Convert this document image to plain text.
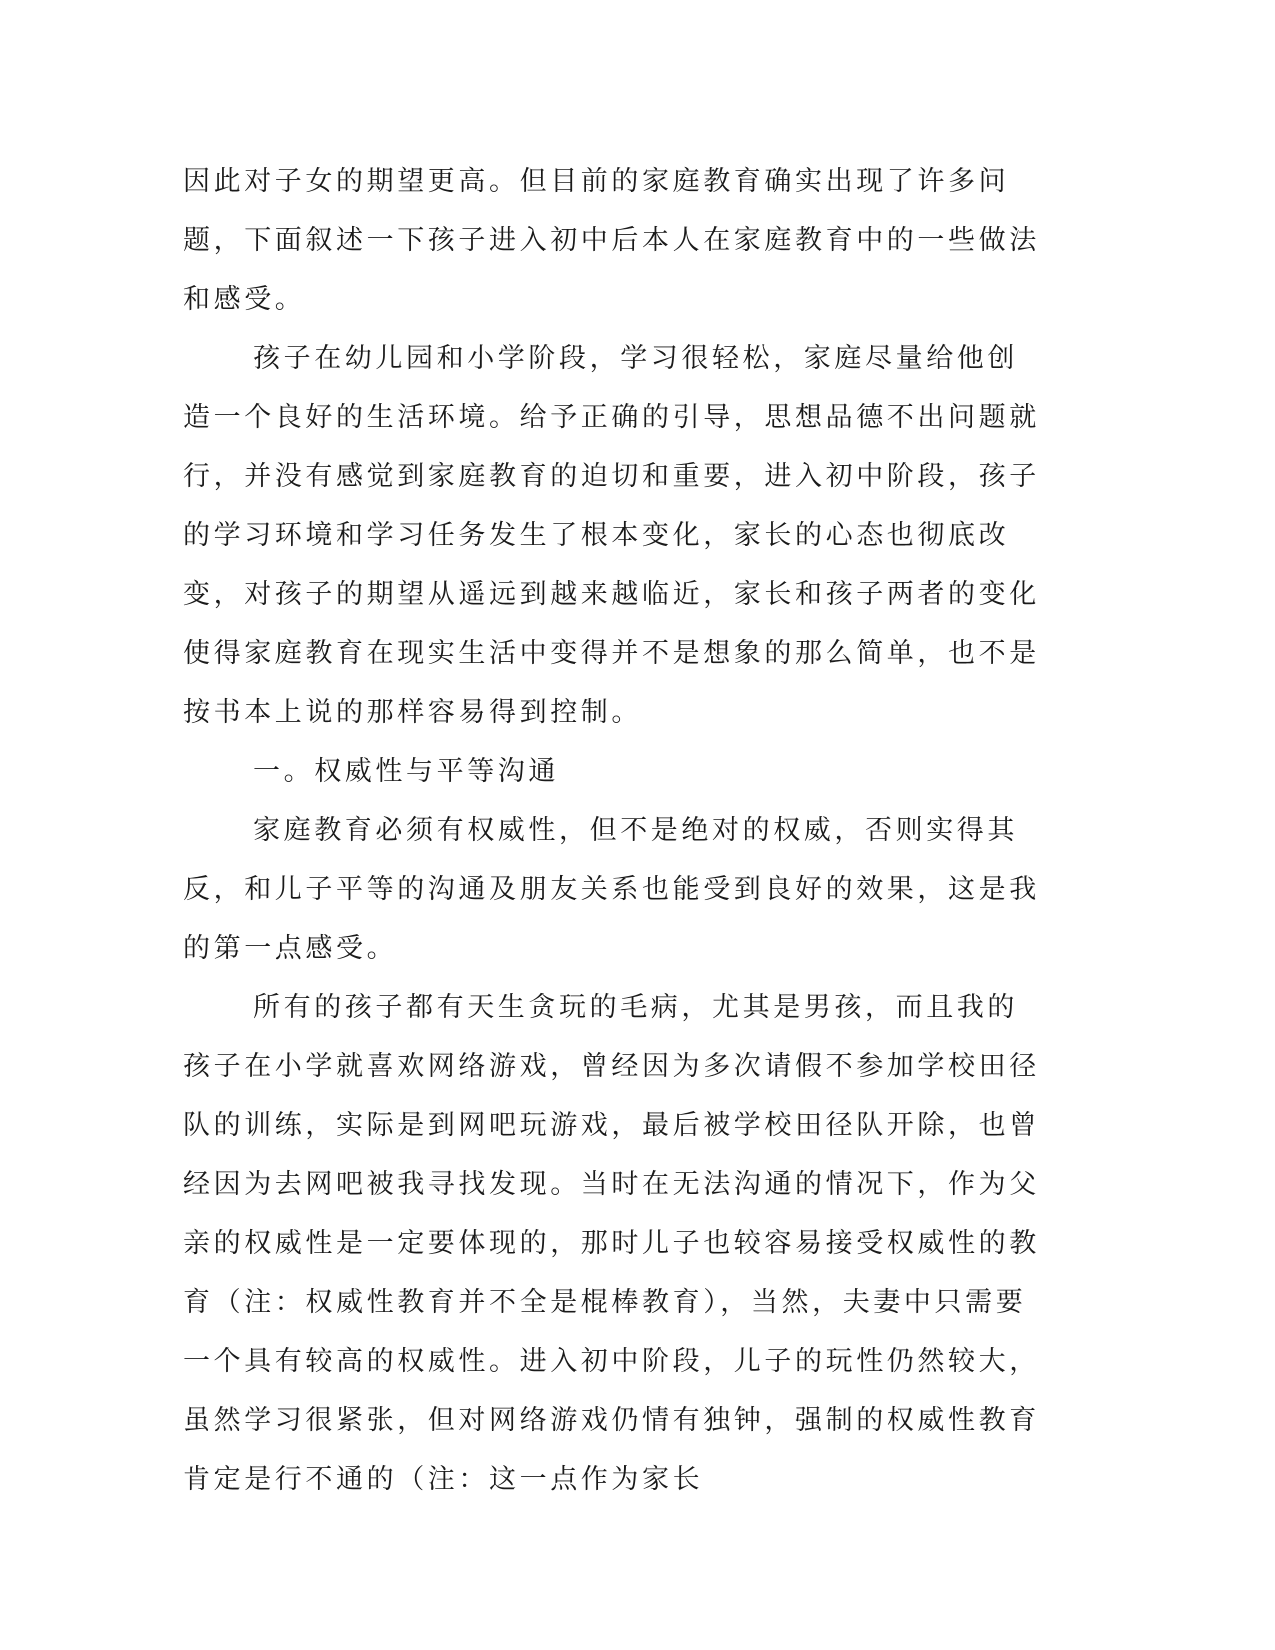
因此对子女的期望更高。但目前的家庭教育确实出现了许多问题，下面叙述一下孩子进入初中后本人在家庭教育中的一些做法和感受。

孩子在幼儿园和小学阶段，学习很轻松，家庭尽量给他创造一个良好的生活环境。给予正确的引导，思想品德不出问题就行，并没有感觉到家庭教育的迫切和重要，进入初中阶段，孩子的学习环境和学习任务发生了根本变化，家长的心态也彻底改变，对孩子的期望从遥远到越来越临近，家长和孩子两者的变化使得家庭教育在现实生活中变得并不是想象的那么简单，也不是按书本上说的那样容易得到控制。

一。权威性与平等沟通

家庭教育必须有权威性，但不是绝对的权威，否则实得其反，和儿子平等的沟通及朋友关系也能受到良好的效果，这是我的第一点感受。

所有的孩子都有天生贪玩的毛病，尤其是男孩，而且我的孩子在小学就喜欢网络游戏，曾经因为多次请假不参加学校田径队的训练，实际是到网吧玩游戏，最后被学校田径队开除，也曾经因为去网吧被我寻找发现。当时在无法沟通的情况下，作为父亲的权威性是一定要体现的，那时儿子也较容易接受权威性的教育（注：权威性教育并不全是棍棒教育），当然，夫妻中只需要一个具有较高的权威性。进入初中阶段，儿子的玩性仍然较大，虽然学习很紧张，但对网络游戏仍情有独钟，强制的权威性教育肯定是行不通的（注：这一点作为家长
